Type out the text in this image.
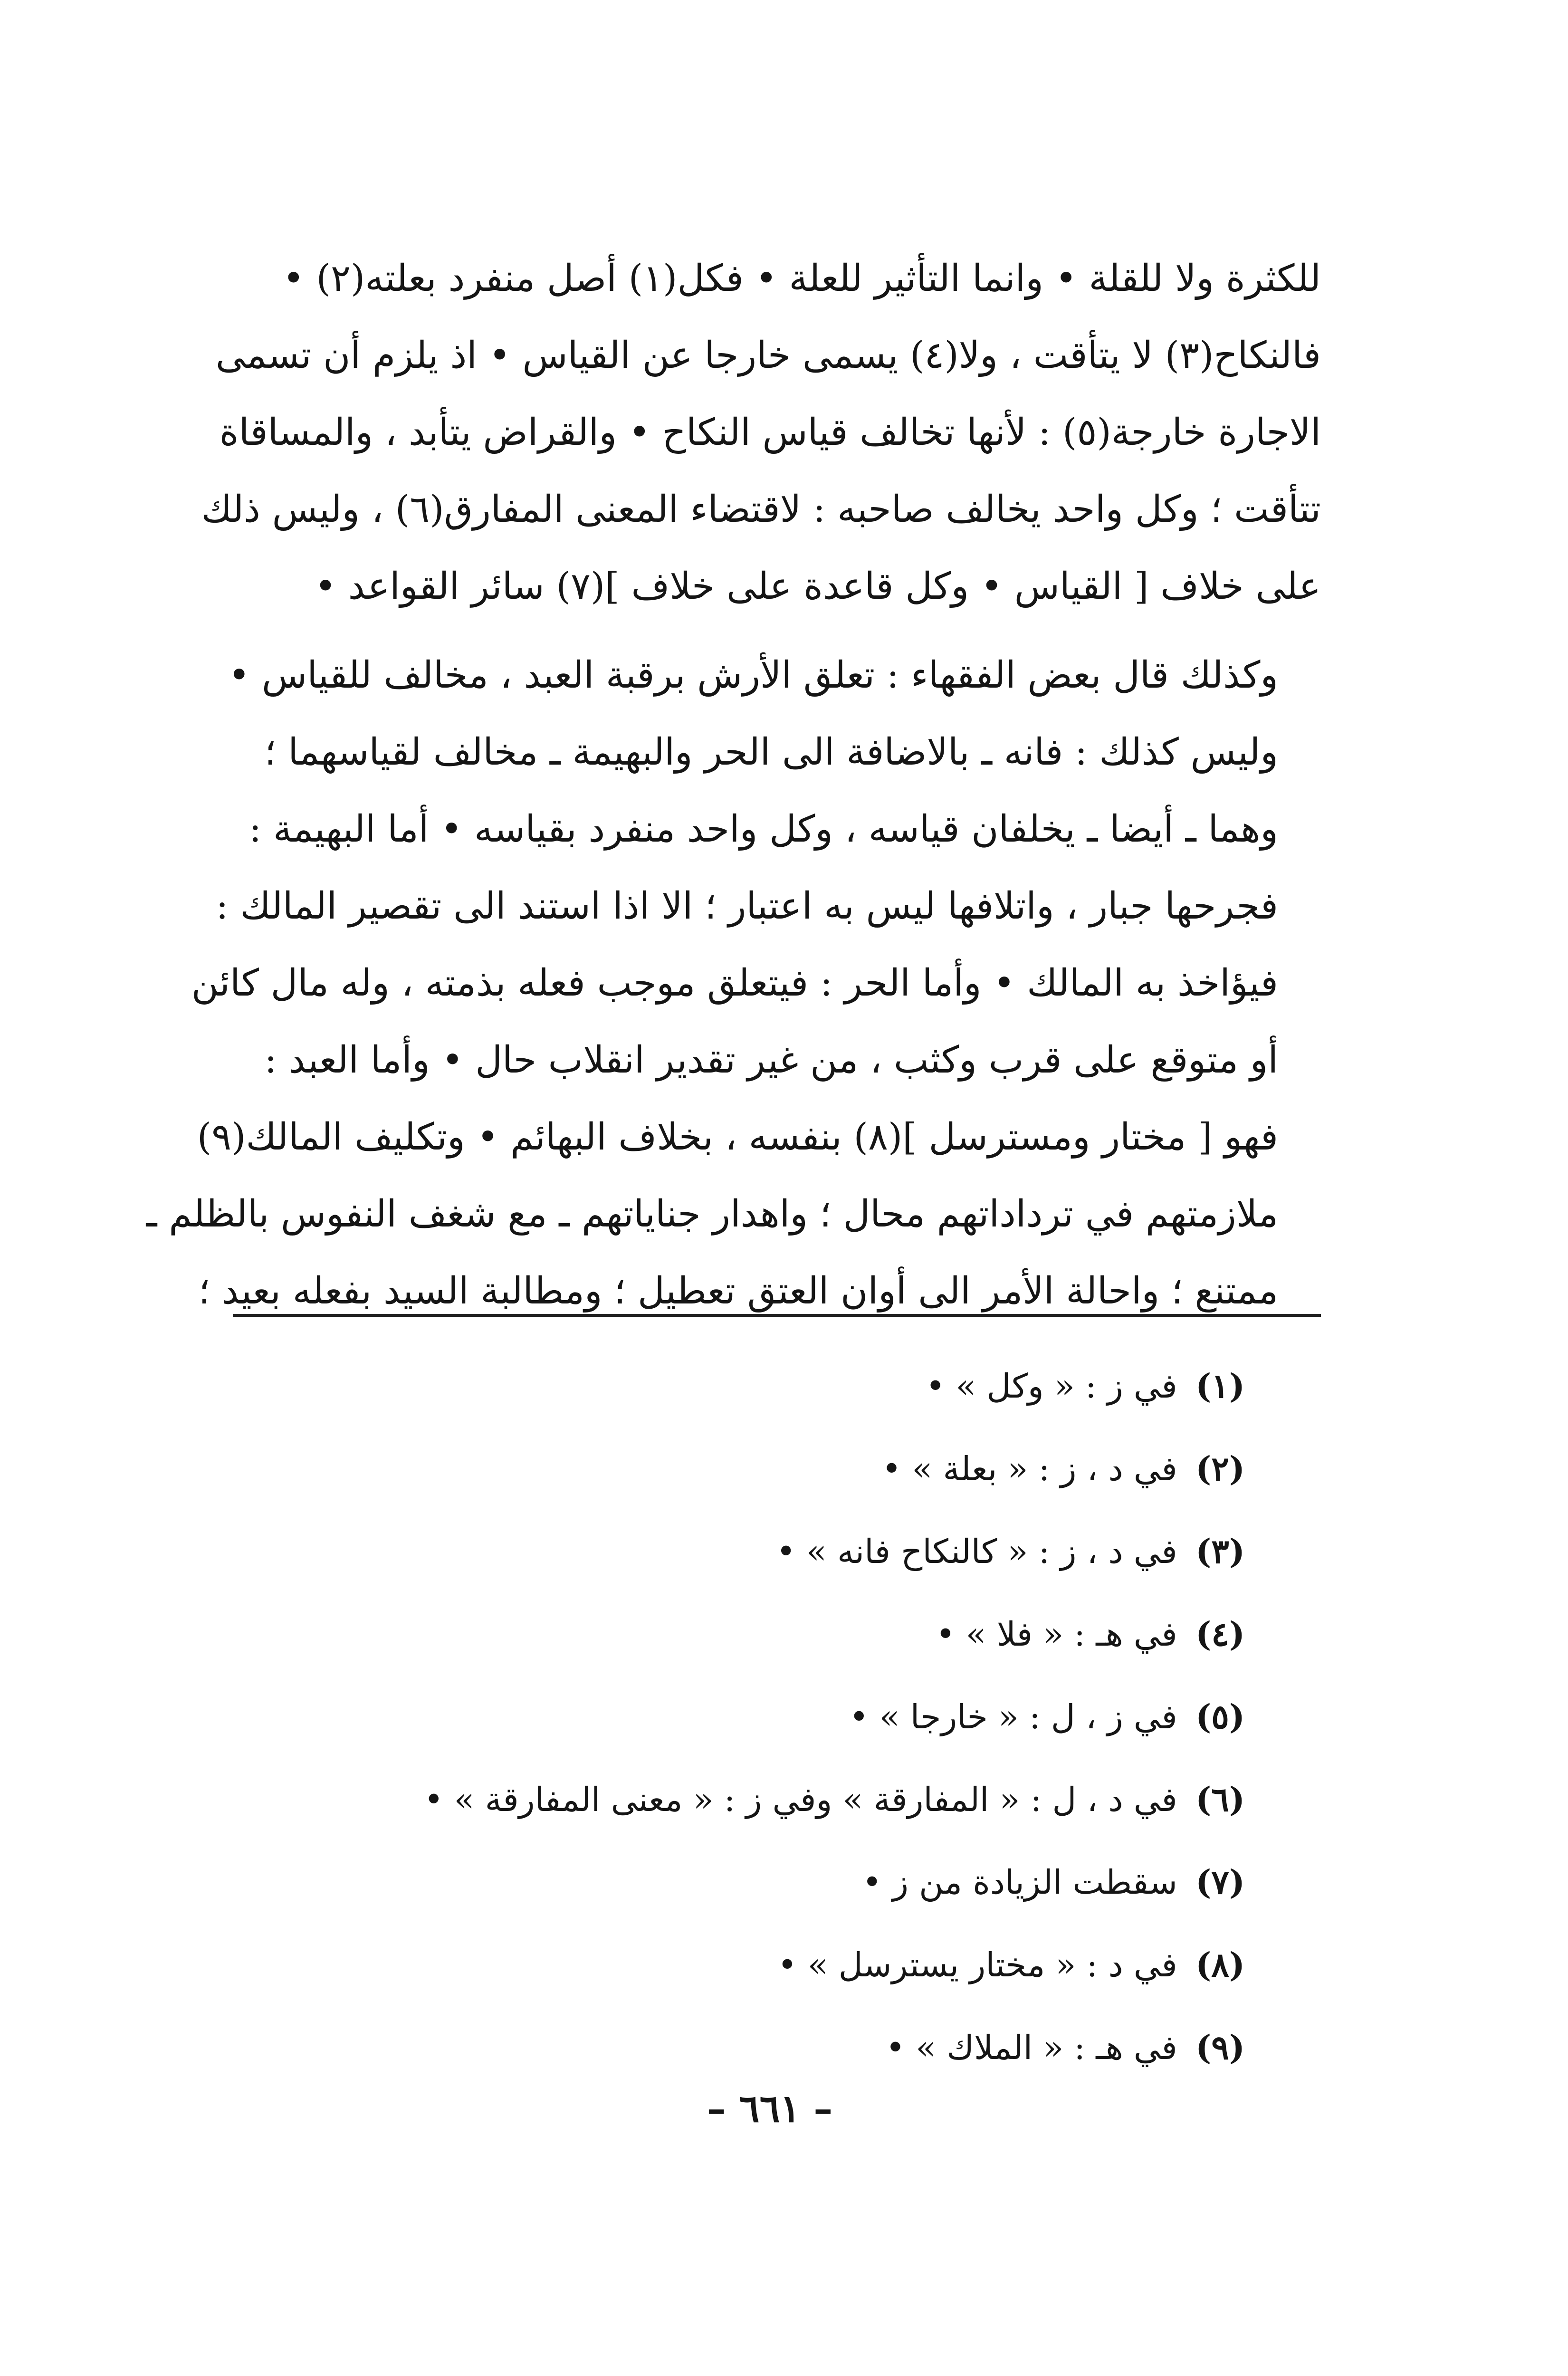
للكثرة ولا للقلة • وانما التأثير للعلة • فكل(١) أصل منفرد بعلته(٢) •
فالنكاح(٣) لا يتأقت ، ولا(٤) يسمى خارجا عن القياس • اذ يلزم أن تسمى
الاجارة خارجة(٥) : لأنها تخالف قياس النكاح • والقراض يتأبد ، والمساقاة
تتأقت ؛ وكل واحد يخالف صاحبه : لاقتضاء المعنى المفارق(٦) ، وليس ذلك
على خلاف [ القياس • وكل قاعدة على خلاف ](٧) سائر القواعد •
وكذلك قال بعض الفقهاء : تعلق الأرش برقبة العبد ، مخالف للقياس •
وليس كذلك : فانه ـ بالاضافة الى الحر والبهيمة ـ مخالف لقياسهما ؛
وهما ـ أيضا ـ يخلفان قياسه ، وكل واحد منفرد بقياسه • أما البهيمة :
فجرحها جبار ، واتلافها ليس به اعتبار ؛ الا اذا استند الى تقصير المالك :
فيؤاخذ به المالك • وأما الحر : فيتعلق موجب فعله بذمته ، وله مال كائن
أو متوقع على قرب وكثب ، من غير تقدير انقلاب حال • وأما العبد :
فهو [ مختار ومسترسل ](٨) بنفسه ، بخلاف البهائم • وتكليف المالك(٩)
ملازمتهم في ترداداتهم محال ؛ واهدار جناياتهم ـ مع شغف النفوس بالظلم ـ
ممتنع ؛ واحالة الأمر الى أوان العتق تعطيل ؛ ومطالبة السيد بفعله بعيد ؛
(١) في ز : « وكل » •
(٢) في د ، ز : « بعلة » •
(٣) في د ، ز : « كالنكاح فانه » •
(٤) في هـ : « فلا » •
(٥) في ز ، ل : « خارجا » •
(٦) في د ، ل : « المفارقة » وفي ز : « معنى المفارقة » •
(٧) سقطت الزيادة من ز •
(٨) في د : « مختار يسترسل » •
(٩) في هـ : « الملاك » •
– ٦٦١ –
